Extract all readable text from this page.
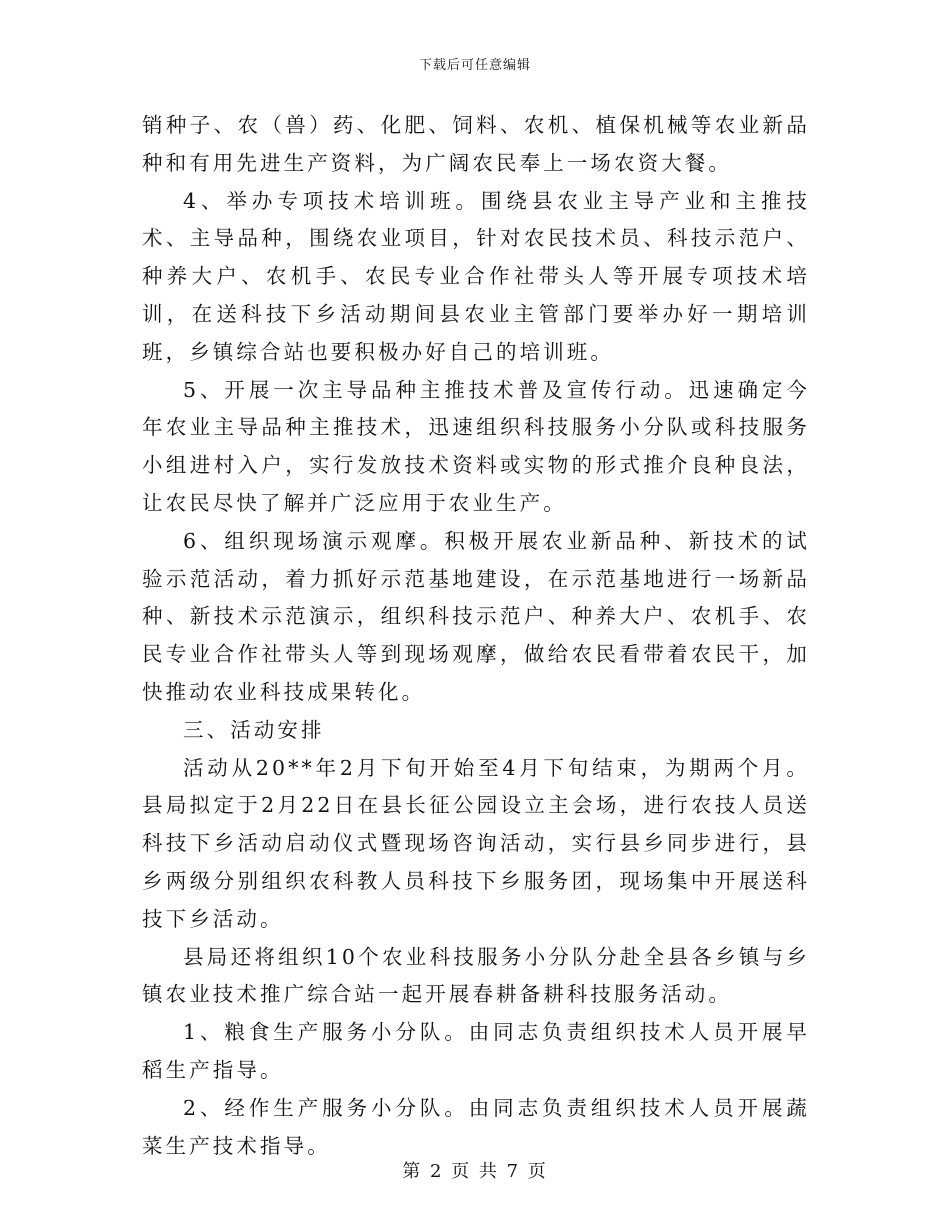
下载后可任意编辑

销种子、农（兽）药、化肥、饲料、农机、植保机械等农业新品种和有用先进生产资料，为广阔农民奉上一场农资大餐。

4、举办专项技术培训班。围绕县农业主导产业和主推技术、主导品种，围绕农业项目，针对农民技术员、科技示范户、种养大户、农机手、农民专业合作社带头人等开展专项技术培训，在送科技下乡活动期间县农业主管部门要举办好一期培训班，乡镇综合站也要积极办好自己的培训班。

5、开展一次主导品种主推技术普及宣传行动。迅速确定今年农业主导品种主推技术，迅速组织科技服务小分队或科技服务小组进村入户，实行发放技术资料或实物的形式推介良种良法，让农民尽快了解并广泛应用于农业生产。

6、组织现场演示观摩。积极开展农业新品种、新技术的试验示范活动，着力抓好示范基地建设，在示范基地进行一场新品种、新技术示范演示，组织科技示范户、种养大户、农机手、农民专业合作社带头人等到现场观摩，做给农民看带着农民干，加快推动农业科技成果转化。

三、活动安排

活动从20**年2月下旬开始至4月下旬结束，为期两个月。县局拟定于2月22日在县长征公园设立主会场，进行农技人员送科技下乡活动启动仪式暨现场咨询活动，实行县乡同步进行，县乡两级分别组织农科教人员科技下乡服务团，现场集中开展送科技下乡活动。

县局还将组织10个农业科技服务小分队分赴全县各乡镇与乡镇农业技术推广综合站一起开展春耕备耕科技服务活动。

1、粮食生产服务小分队。由同志负责组织技术人员开展早稻生产指导。

2、经作生产服务小分队。由同志负责组织技术人员开展蔬菜生产技术指导。

第 2 页 共 7 页
